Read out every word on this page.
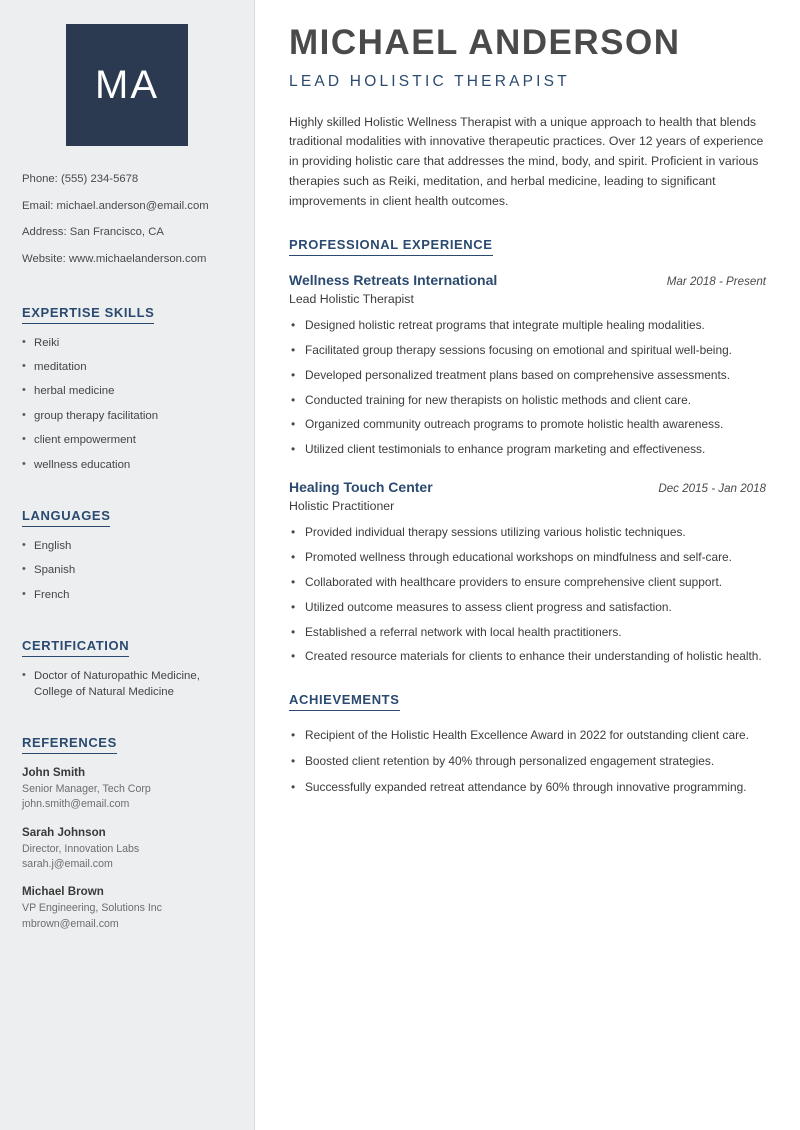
MA
Phone: (555) 234-5678
Email: michael.anderson@email.com
Address: San Francisco, CA
Website: www.michaelanderson.com
EXPERTISE SKILLS
• Reiki
• meditation
• herbal medicine
• group therapy facilitation
• client empowerment
• wellness education
LANGUAGES
• English
• Spanish
• French
CERTIFICATION
• Doctor of Naturopathic Medicine, College of Natural Medicine
REFERENCES
John Smith
Senior Manager, Tech Corp
john.smith@email.com
Sarah Johnson
Director, Innovation Labs
sarah.j@email.com
Michael Brown
VP Engineering, Solutions Inc
mbrown@email.com
MICHAEL ANDERSON
LEAD HOLISTIC THERAPIST
Highly skilled Holistic Wellness Therapist with a unique approach to health that blends traditional modalities with innovative therapeutic practices. Over 12 years of experience in providing holistic care that addresses the mind, body, and spirit. Proficient in various therapies such as Reiki, meditation, and herbal medicine, leading to significant improvements in client health outcomes.
PROFESSIONAL EXPERIENCE
Wellness Retreats International	Mar 2018 - Present
Lead Holistic Therapist
• Designed holistic retreat programs that integrate multiple healing modalities.
• Facilitated group therapy sessions focusing on emotional and spiritual well-being.
• Developed personalized treatment plans based on comprehensive assessments.
• Conducted training for new therapists on holistic methods and client care.
• Organized community outreach programs to promote holistic health awareness.
• Utilized client testimonials to enhance program marketing and effectiveness.
Healing Touch Center	Dec 2015 - Jan 2018
Holistic Practitioner
• Provided individual therapy sessions utilizing various holistic techniques.
• Promoted wellness through educational workshops on mindfulness and self-care.
• Collaborated with healthcare providers to ensure comprehensive client support.
• Utilized outcome measures to assess client progress and satisfaction.
• Established a referral network with local health practitioners.
• Created resource materials for clients to enhance their understanding of holistic health.
ACHIEVEMENTS
• Recipient of the Holistic Health Excellence Award in 2022 for outstanding client care.
• Boosted client retention by 40% through personalized engagement strategies.
• Successfully expanded retreat attendance by 60% through innovative programming.
